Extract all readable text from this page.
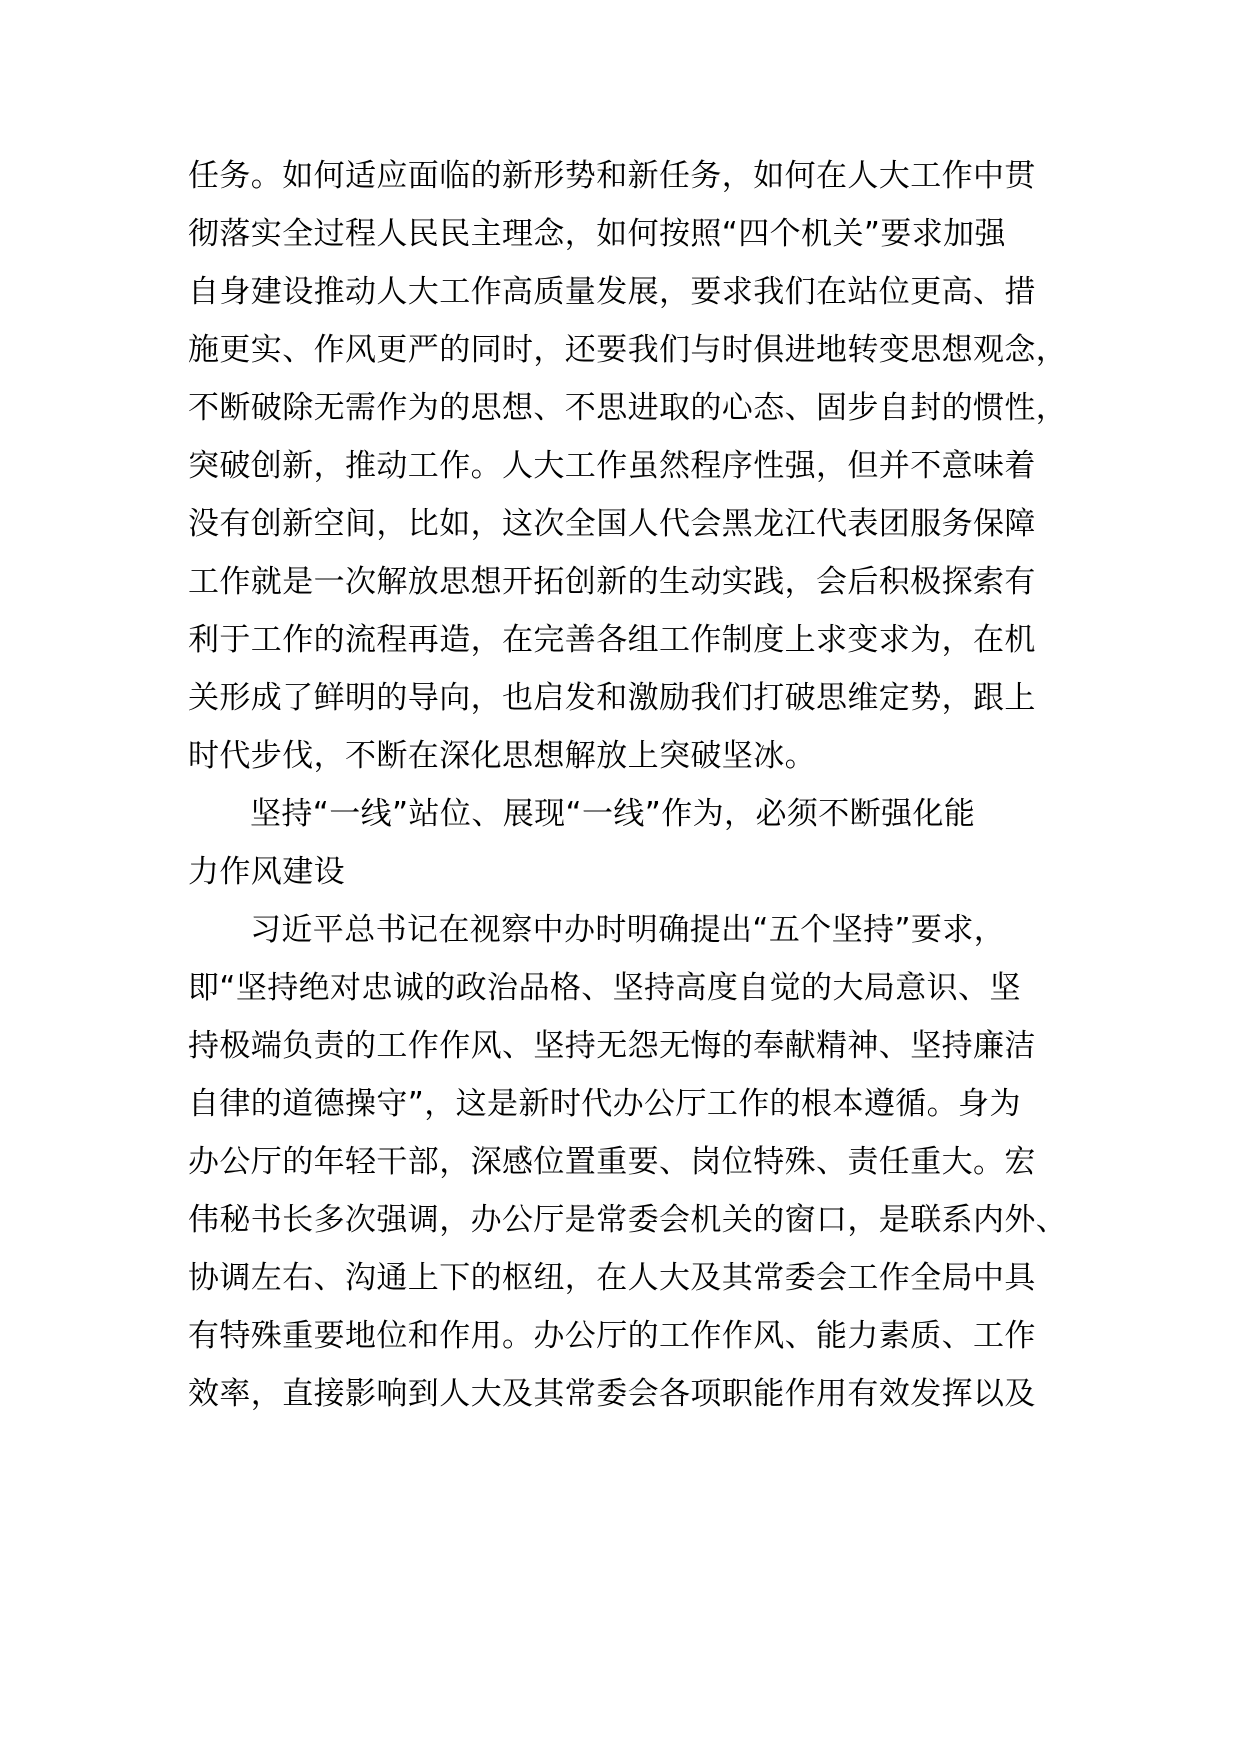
任务。如何适应面临的新形势和新任务，如何在人大工作中贯

彻落实全过程人民民主理念，如何按照“四个机关”要求加强

自身建设推动人大工作高质量发展，要求我们在站位更高、措

施更实、作风更严的同时，还要我们与时俱进地转变思想观念，

不断破除无需作为的思想、不思进取的心态、固步自封的惯性，

突破创新，推动工作。人大工作虽然程序性强，但并不意味着

没有创新空间，比如，这次全国人代会黑龙江代表团服务保障

工作就是一次解放思想开拓创新的生动实践，会后积极探索有

利于工作的流程再造，在完善各组工作制度上求变求为，在机

关形成了鲜明的导向，也启发和激励我们打破思维定势，跟上

时代步伐，不断在深化思想解放上突破坚冰。

坚持“一线”站位、展现“一线”作为，必须不断强化能

力作风建设

习近平总书记在视察中办时明确提出“五个坚持”要求，

即“坚持绝对忠诚的政治品格、坚持高度自觉的大局意识、坚

持极端负责的工作作风、坚持无怨无悔的奉献精神、坚持廉洁

自律的道德操守”，这是新时代办公厅工作的根本遵循。身为

办公厅的年轻干部，深感位置重要、岗位特殊、责任重大。宏

伟秘书长多次强调，办公厅是常委会机关的窗口，是联系内外、

协调左右、沟通上下的枢纽，在人大及其常委会工作全局中具

有特殊重要地位和作用。办公厅的工作作风、能力素质、工作

效率，直接影响到人大及其常委会各项职能作用有效发挥以及
